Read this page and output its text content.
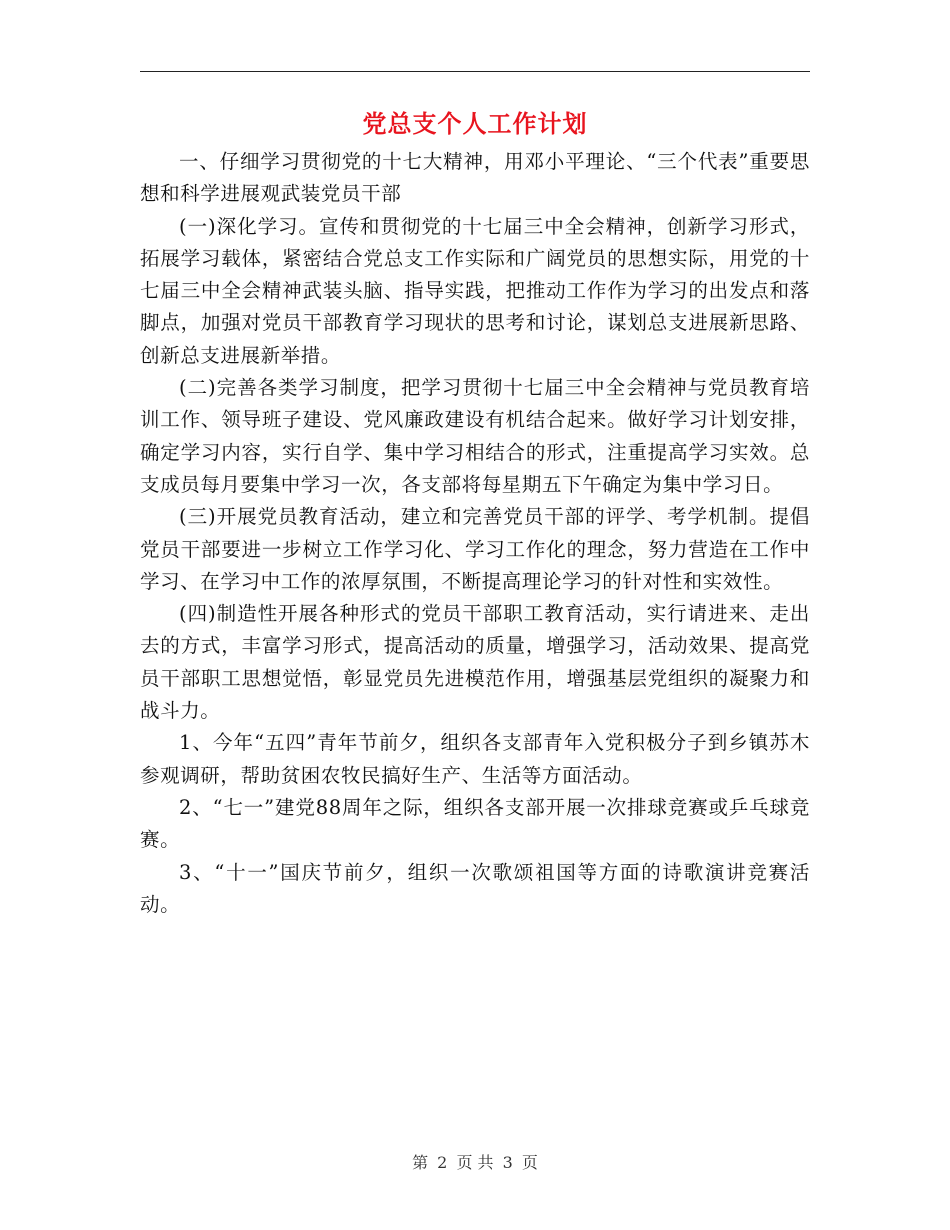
党总支个人工作计划

一、仔细学习贯彻党的十七大精神，用邓小平理论、“三个代表”重要思想和科学进展观武装党员干部

(一)深化学习。宣传和贯彻党的十七届三中全会精神，创新学习形式，拓展学习载体，紧密结合党总支工作实际和广阔党员的思想实际，用党的十七届三中全会精神武装头脑、指导实践，把推动工作作为学习的出发点和落脚点，加强对党员干部教育学习现状的思考和讨论，谋划总支进展新思路、创新总支进展新举措。

(二)完善各类学习制度，把学习贯彻十七届三中全会精神与党员教育培训工作、领导班子建设、党风廉政建设有机结合起来。做好学习计划安排，确定学习内容，实行自学、集中学习相结合的形式，注重提高学习实效。总支成员每月要集中学习一次，各支部将每星期五下午确定为集中学习日。

(三)开展党员教育活动，建立和完善党员干部的评学、考学机制。提倡党员干部要进一步树立工作学习化、学习工作化的理念，努力营造在工作中学习、在学习中工作的浓厚氛围，不断提高理论学习的针对性和实效性。

(四)制造性开展各种形式的党员干部职工教育活动，实行请进来、走出去的方式，丰富学习形式，提高活动的质量，增强学习，活动效果、提高党员干部职工思想觉悟，彰显党员先进模范作用，增强基层党组织的凝聚力和战斗力。

1、今年“五四”青年节前夕，组织各支部青年入党积极分子到乡镇苏木参观调研，帮助贫困农牧民搞好生产、生活等方面活动。

2、“七一”建党88周年之际，组织各支部开展一次排球竞赛或乒乓球竞赛。

3、“十一”国庆节前夕，组织一次歌颂祖国等方面的诗歌演讲竞赛活动。

第 2 页 共 3 页
